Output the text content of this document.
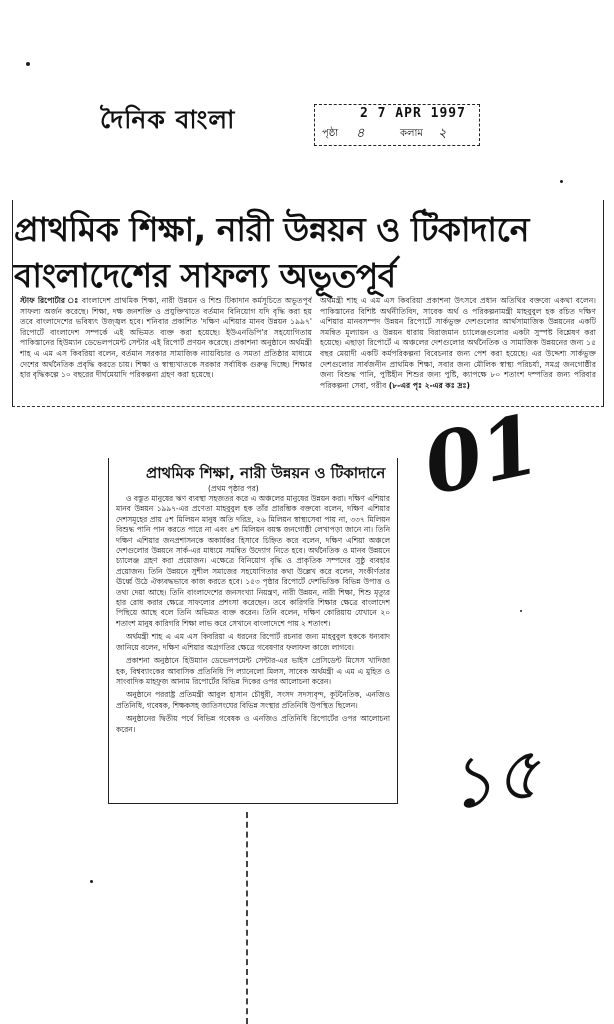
দৈনিক বাংলা	2 7 APR 1997
পৃষ্ঠা ৪	কলাম ২
প্রাথমিক শিক্ষা, নারী উন্নয়ন ও টিকাদানে
বাংলাদেশের সাফল্য অভূতপূর্ব
স্টাফ রিপোর্টার ঃ বাংলাদেশ প্রাথমিক শিক্ষা, নারী উন্নয়ন ও শিশু টিকাদান কর্মসূচিতে অভূতপূর্ব সাফল্য অর্জন করেছে। শিক্ষা, দক্ষ জনশক্তি ও প্রযুক্তিখাতে বর্তমান বিনিয়োগ যদি বৃদ্ধি করা হয় তবে বাংলাদেশের ভবিষ্যৎ উজ্জ্বল হবে। শনিবার প্রকাশিত 'দক্ষিণ এশিয়ার মানব উন্নয়ন ১৯৯৭' রিপোর্টে বাংলাদেশ সম্পর্কে এই অভিমত ব্যক্ত করা হয়েছে। ইউএনডিপি'র সহযোগিতায় পাকিস্তানের হিউম্যান ডেভেলপমেন্ট সেন্টার এই রিপোর্ট প্রণয়ন করেছে। প্রকাশনা অনুষ্ঠানে অর্থমন্ত্রী শাহ এ এম এস কিবরিয়া বলেন, বর্তমান সরকার সামাজিক ন্যায়বিচার ও সমতা প্রতিষ্ঠার মাধ্যমে দেশের অর্থনৈতিক প্রবৃদ্ধি করতে চায়। শিক্ষা ও স্বাস্থ্যখাতকে সরকার সর্বাধিক গুরুত্ব দিচ্ছে। শিক্ষার হার বৃদ্ধিকল্পে ১০ বছরের দীর্ঘমেয়াদি পরিকল্পনা গ্রহণ করা হয়েছে।
অর্থমন্ত্রী শাহ এ এম এস কিবরিয়া প্রকাশনা উৎসবে প্রধান অতিথির বক্তব্যে একথা বলেন। পাকিস্তানের বিশিষ্ট অর্থনীতিবিদ, সাবেক অর্থ ও পরিকল্পনামন্ত্রী মাহবুবুল হক রচিত দক্ষিণ এশিয়ার মানবসম্পদ উন্নয়ন রিপোর্টে সার্কভুক্ত দেশগুলোর আর্থসামাজিক উন্নয়নের একটি সমন্বিত মূল্যায়ন ও উন্নয়ন ধারায় বিরাজমান চ্যালেঞ্জগুলোর একটা সুস্পষ্ট বিশ্লেষণ করা হয়েছে। এছাড়া রিপোর্টে এ অঞ্চলের দেশগুলোর অর্থনৈতিক ও সামাজিক উন্নয়নের জন্য ১৫ বছর মেয়াদী একটি কর্মপরিকল্পনা বিবেচনার জন্য পেশ করা হয়েছে। এর উদ্দেশ্য সার্কভুক্ত দেশগুলোর সার্বজনীন প্রাথমিক শিক্ষা, সবার জন্য মৌলিক স্বাস্থ্য পরিচর্যা, সমগ্র জনগোষ্ঠীর জন্য বিশুদ্ধ পানি, পুষ্টিহীন শিশুর জন্য পুষ্টি, ক্যাপক্ষে ৮০ শতাংশ দম্পতির জন্য পরিবার পরিকল্পনা সেবা, গরীব (৮-এর পৃঃ ২-এর কঃ দ্রঃ)
01
প্রাথমিক শিক্ষা, নারী উন্নয়ন ও টিকাদানে
(প্রথম পৃষ্ঠার পর)

ও বস্তুত মানুষের ঋণ ব্যবস্থা সহজতর করে এ অঞ্চলের মানুষের উন্নয়ন করা। দক্ষিণ এশিয়ার মানব উন্নয়ন ১৯৯৭-এর প্রণেতা মাহবুবুল হক তাঁর প্রারম্ভিক বক্তব্যে বলেন, দক্ষিণ এশিয়ার দেশসমূহের প্রায় ৫শ মিলিয়ন মানুষ অতি দরিদ্র, ২৬ মিলিয়ন স্বাস্থ্যসেবা পায় না, ৩৩৭ মিলিয়ন বিশুদ্ধ পানি পান করতে পারে না এবং ৪শ মিলিয়ন বয়স্ক জনগোষ্ঠী লেখাপড়া জানে না। তিনি দক্ষিণ এশিয়ার জনপ্রশাসনকে অকার্যকর হিসাবে চিহ্নিত করে বলেন, দক্ষিণ এশিয়া অঞ্চলে দেশগুলোর উন্নয়নে সার্ক-এর মাধ্যমে সমন্বিত উদ্যোগ নিতে হবে। অর্থনৈতিক ও মানব উন্নয়নে চ্যালেঞ্জ গ্রহণ করা প্রয়োজন। এক্ষেত্রে বিনিয়োগ বৃদ্ধি ও প্রাকৃতিক সম্পদের সুষ্ঠু ব্যবহার প্রয়োজন। তিনি উন্নয়নে সুশীল সমাজের সহযোগিতার কথা উল্লেখ করে বলেন, সংকীর্ণতার ঊর্ধ্বে উঠে ঐক্যবদ্ধভাবে কাজ করতে হবে। ১৫৩ পৃষ্ঠার রিপোর্টে দেশভিত্তিক বিভিন্ন উপাত্ত ও তথ্য দেয়া আছে। তিনি বাংলাদেশের জনসংখ্যা নিয়ন্ত্রণ, নারী উন্নয়ন, নারী শিক্ষা, শিশু মৃত্যুর হার রোধ করার ক্ষেত্রে সাফল্যের প্রশংসা করেছেন। তবে কারিগরি শিক্ষার ক্ষেত্রে বাংলাদেশ পিছিয়ে আছে বলে তিনি অভিমত ব্যক্ত করেন। তিনি বলেন, দক্ষিণ কোরিয়ায় যেখানে ২০ শতাংশ মানুষ কারিগরি শিক্ষা লাভ করে সেখানে বাংলাদেশে পায় ২ শতাংশ।

অর্থমন্ত্রী শাহ এ এম এস কিবরিয়া এ ধরনের রিপোর্ট রচনার জন্য মাহবুবুল হককে ধন্যবাদ জানিয়ে বলেন, দক্ষিণ এশিয়ার অগ্রগতির ক্ষেত্রে গবেষণার ফলাফল কাজে লাগবে।

প্রকাশনা অনুষ্ঠানে হিউম্যান ডেভেলপমেন্ট সেন্টার-এর ভাইস প্রেসিডেন্ট মিসেস খাদিজা হক, বিশ্বব্যাংকের আবাসিক প্রতিনিধি পি ল্যানেলো মিলস, সাবেক অর্থমন্ত্রী এ এম এ মুহিত ও সাংবাদিক মাহফুজ আনাম রিপোর্টের বিভিন্ন দিকের ওপর আলোচনা করেন।

অনুষ্ঠানে পররাষ্ট্র প্রতিমন্ত্রী আবুল হাসান চৌধুরী, সংসদ সদস্যবৃন্দ, কূটনৈতিক, এনজিও প্রতিনিধি, গবেষক, শিক্ষকসহ জাতিসংঘের বিভিন্ন সংস্থার প্রতিনিধি উপস্থিত ছিলেন।

অনুষ্ঠানের দ্বিতীয় পর্বে বিভিন্ন গবেষক ও এনজিও প্রতিনিধি রিপোর্টের ওপর আলোচনা করেন।

১৫
